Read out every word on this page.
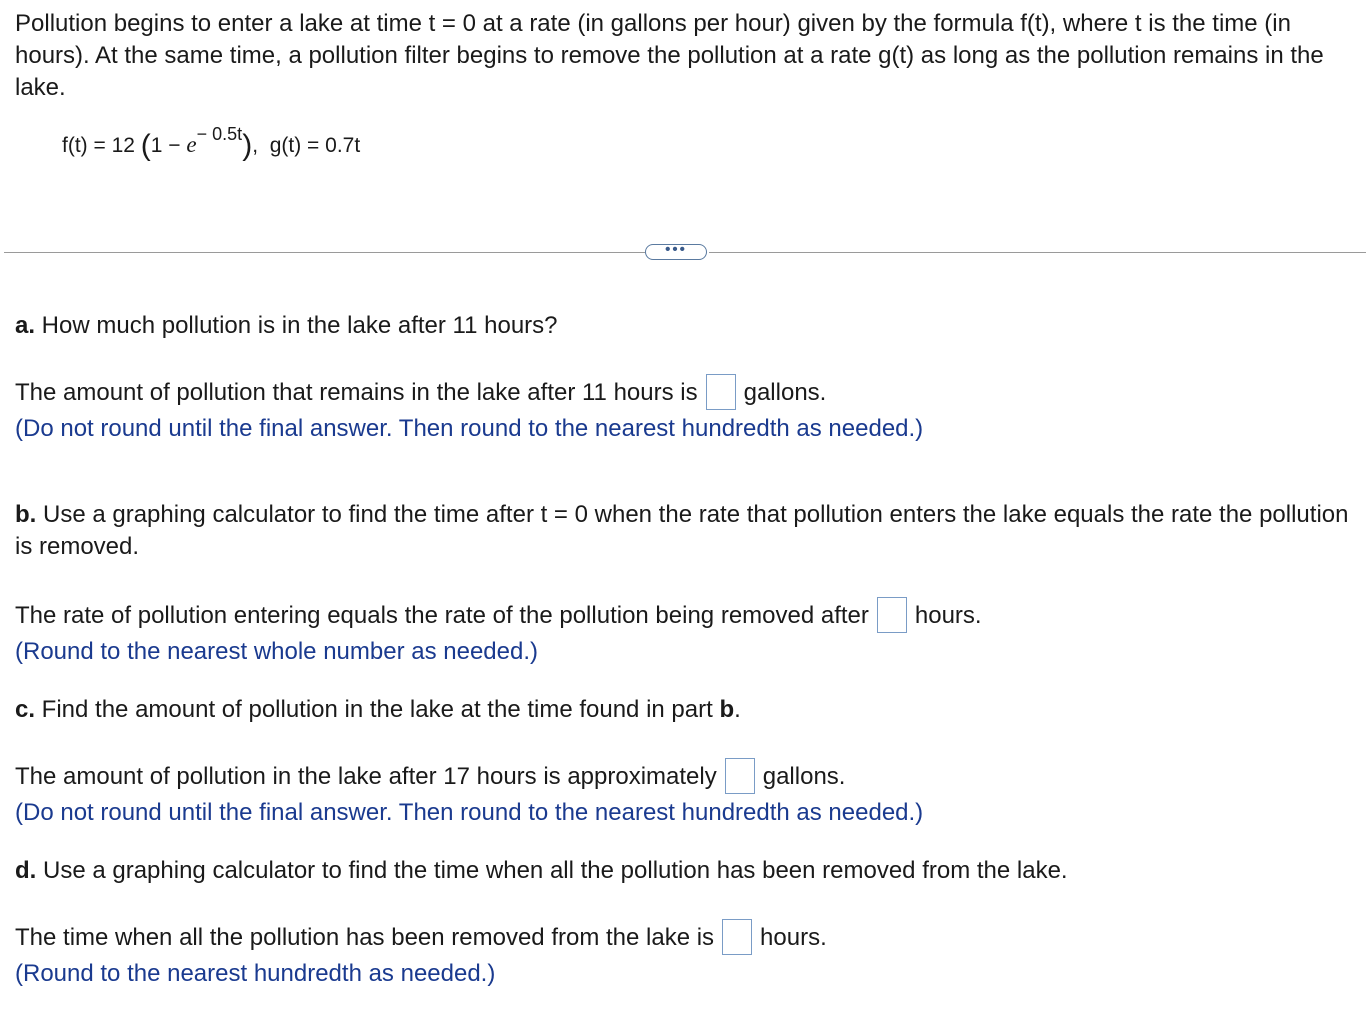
Pollution begins to enter a lake at time t = 0 at a rate (in gallons per hour) given by the formula f(t), where t is the time (in hours). At the same time, a pollution filter begins to remove the pollution at a rate g(t) as long as the pollution remains in the lake.
f(t) = 12 $(1 - e^{- 0.5t})$, g(t) = 0.7t
•••
a. How much pollution is in the lake after 11 hours?
The amount of pollution that remains in the lake after 11 hours is gallons.
(Do not round until the final answer. Then round to the nearest hundredth as needed.)
b. Use a graphing calculator to find the time after t = 0 when the rate that pollution enters the lake equals the rate the pollution is removed.
The rate of pollution entering equals the rate of the pollution being removed after hours.
(Round to the nearest whole number as needed.)
c. Find the amount of pollution in the lake at the time found in part b.
The amount of pollution in the lake after 17 hours is approximately gallons.
(Do not round until the final answer. Then round to the nearest hundredth as needed.)
d. Use a graphing calculator to find the time when all the pollution has been removed from the lake.
The time when all the pollution has been removed from the lake is hours.
(Round to the nearest hundredth as needed.)
